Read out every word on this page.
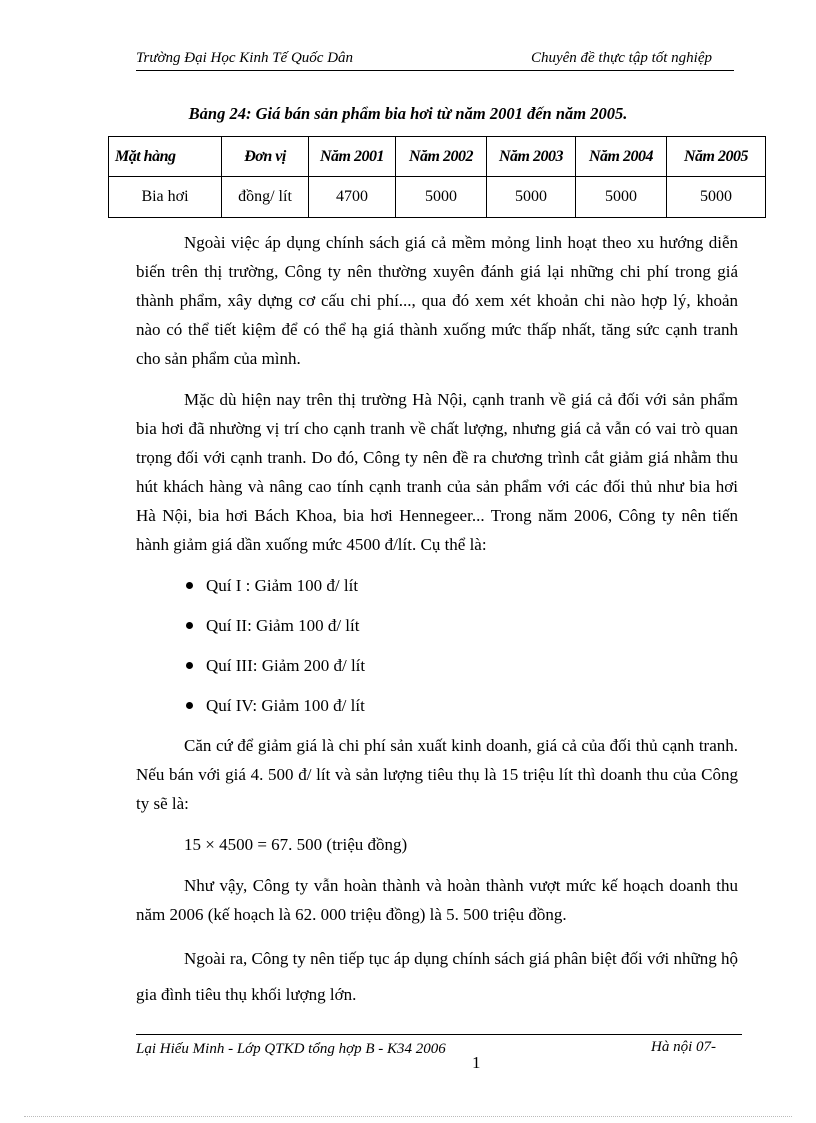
Trường Đại Học Kinh Tế Quốc Dân	Chuyên đề thực tập tốt nghiệp
Bảng 24: Giá bán sản phẩm bia hơi từ năm 2001 đến năm 2005.
Mặt hàng	Đơn vị	Năm 2001	Năm 2002	Năm 2003	Năm 2004	Năm 2005
Bia hơi	đồng/ lít	4700	5000	5000	5000	5000

Ngoài việc áp dụng chính sách giá cả mềm mỏng linh hoạt theo xu hướng diễn biến trên thị trường, Công ty nên thường xuyên đánh giá lại những chi phí trong giá thành phẩm, xây dựng cơ cấu chi phí..., qua đó xem xét khoản chi nào hợp lý, khoản nào có thể tiết kiệm để có thể hạ giá thành xuống mức thấp nhất, tăng sức cạnh tranh cho sản phẩm của mình.

Mặc dù hiện nay trên thị trường Hà Nội, cạnh tranh về giá cả đối với sản phẩm bia hơi đã nhường vị trí cho cạnh tranh về chất lượng, nhưng giá cả vẫn có vai trò quan trọng đối với cạnh tranh. Do đó, Công ty nên đề ra chương trình cắt giảm giá nhằm thu hút khách hàng và nâng cao tính cạnh tranh của sản phẩm với các đối thủ như bia hơi Hà Nội, bia hơi Bách Khoa, bia hơi Hennegeer... Trong năm 2006, Công ty nên tiến hành giảm giá dần xuống mức 4500 đ/lít. Cụ thể là:

Quí I : Giảm 100 đ/ lít
Quí II: Giảm 100 đ/ lít
Quí III: Giảm 200 đ/ lít
Quí IV: Giảm 100 đ/ lít

Căn cứ để giảm giá là chi phí sản xuất kinh doanh, giá cả của đối thủ cạnh tranh. Nếu bán với giá 4. 500 đ/ lít và sản lượng tiêu thụ là 15 triệu lít thì doanh thu của Công ty sẽ là:

15 × 4500 = 67. 500 (triệu đồng)

Như vậy, Công ty vẫn hoàn thành và hoàn thành vượt mức kế hoạch doanh thu năm 2006 (kế hoạch là 62. 000 triệu đồng) là 5. 500 triệu đồng.

Ngoài ra, Công ty nên tiếp tục áp dụng chính sách giá phân biệt đối với những hộ gia đình tiêu thụ khối lượng lớn.

Lại Hiếu Minh - Lớp QTKD tổng hợp B - K34 2006
1
Hà nội 07-
